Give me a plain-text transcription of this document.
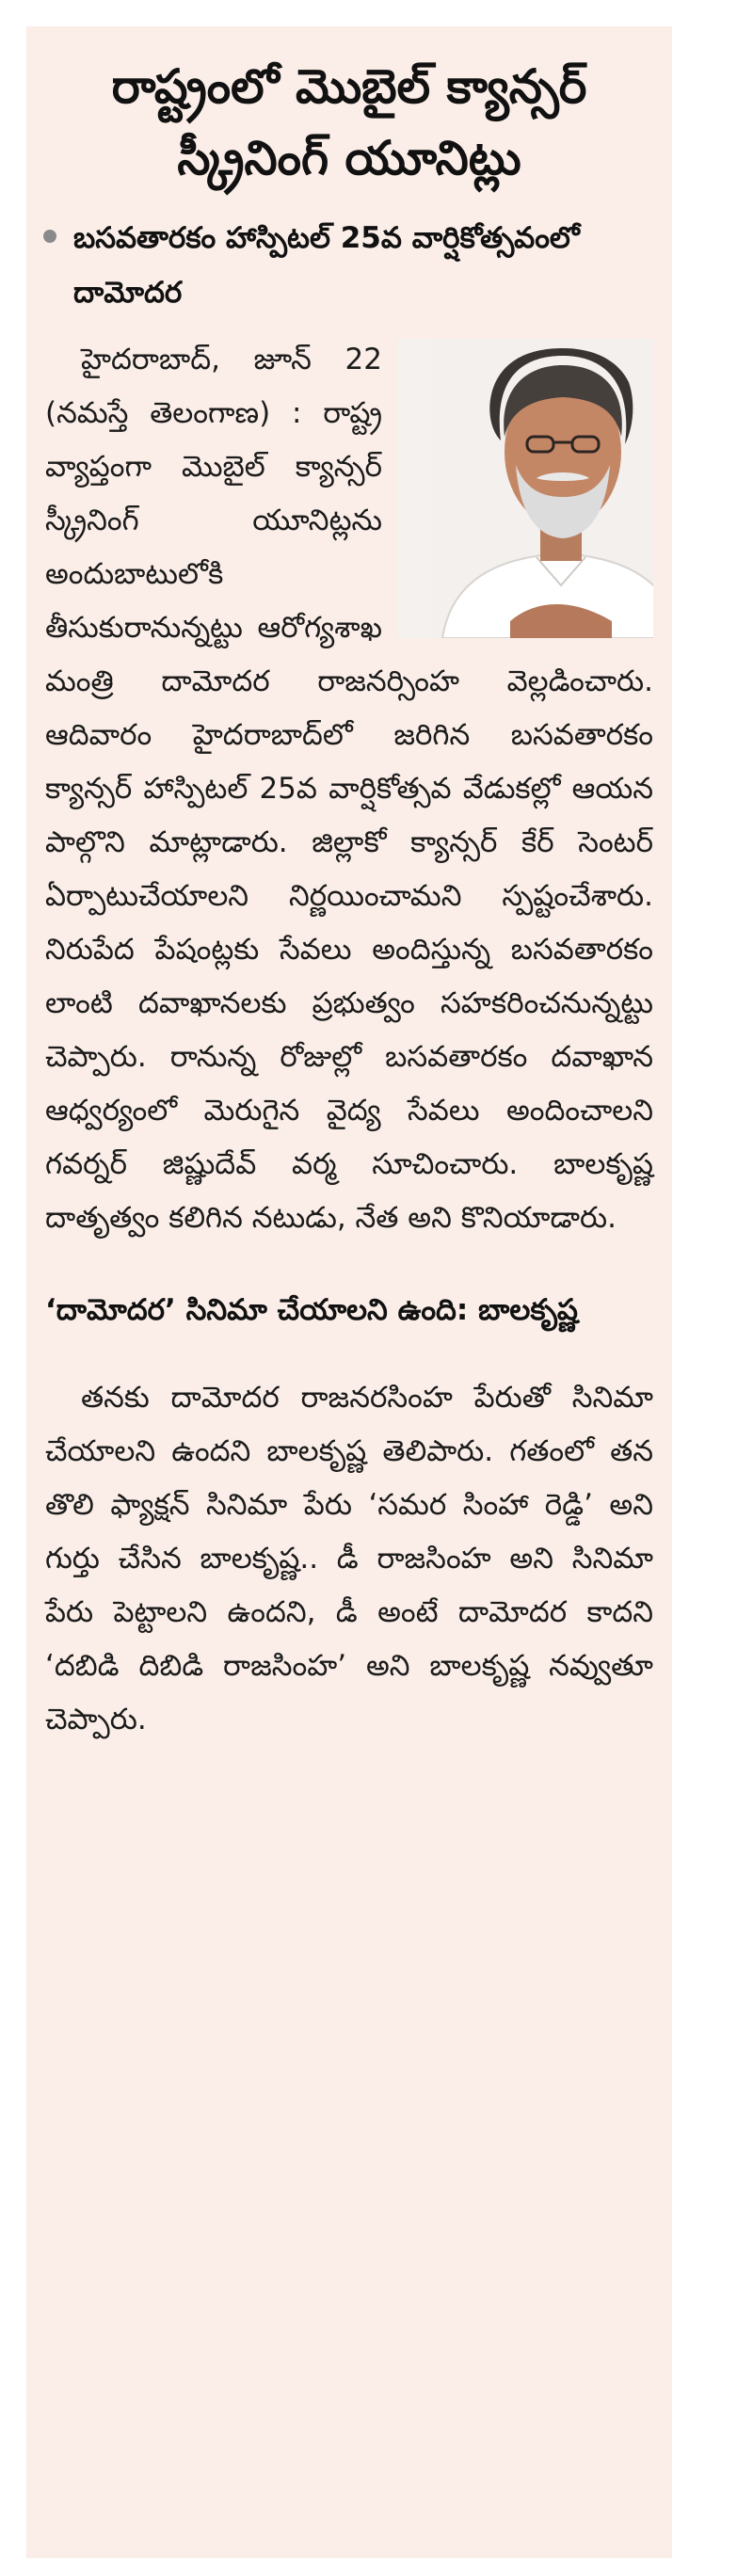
రాష్ట్రంలో మొబైల్ క్యాన్సర్ స్క్రీనింగ్ యూనిట్లు
బసవతారకం హాస్పిటల్ 25వ వార్షికోత్సవంలో దామోదర
హైదరాబాద్, జూన్ 22 (నమస్తే తెలంగాణ) : రాష్ట్ర వ్యాప్తంగా మొబైల్ క్యాన్సర్ స్క్రీనింగ్ యూనిట్లను అందుబాటులోకి తీసుకురానున్నట్టు ఆరోగ్యశాఖ మంత్రి దామోదర రాజనర్సింహ వెల్లడించారు. ఆదివారం హైదరాబాద్‌లో జరిగిన బసవతారకం క్యాన్సర్ హాస్పిటల్ 25వ వార్షికోత్సవ వేడుకల్లో ఆయన పాల్గొని మాట్లాడారు. జిల్లాకో క్యాన్సర్ కేర్ సెంటర్ ఏర్పాటుచేయాలని నిర్ణయించామని స్పష్టంచేశారు. నిరుపేద పేషంట్లకు సేవలు అందిస్తున్న బసవతారకం లాంటి దవాఖానలకు ప్రభుత్వం సహకరించనున్నట్టు చెప్పారు. రానున్న రోజుల్లో బసవతారకం దవాఖాన ఆధ్వర్యంలో మెరుగైన వైద్య సేవలు అందించాలని గవర్నర్ జిష్ణుదేవ్ వర్మ సూచించారు. బాలకృష్ణ దాతృత్వం కలిగిన నటుడు, నేత అని కొనియాడారు.
‘దామోదర’ సినిమా చేయాలని ఉంది: బాలకృష్ణ
తనకు దామోదర రాజనరసింహ పేరుతో సినిమా చేయాలని ఉందని బాలకృష్ణ తెలిపారు. గతంలో తన తొలి ఫ్యాక్షన్ సినిమా పేరు ‘సమర సింహా రెడ్డి’ అని గుర్తు చేసిన బాలకృష్ణ.. డీ రాజసింహ అని సినిమా పేరు పెట్టాలని ఉందని, డీ అంటే దామోదర కాదని ‘దబిడి దిబిడి రాజసింహ’ అని బాలకృష్ణ నవ్వుతూ చెప్పారు.
